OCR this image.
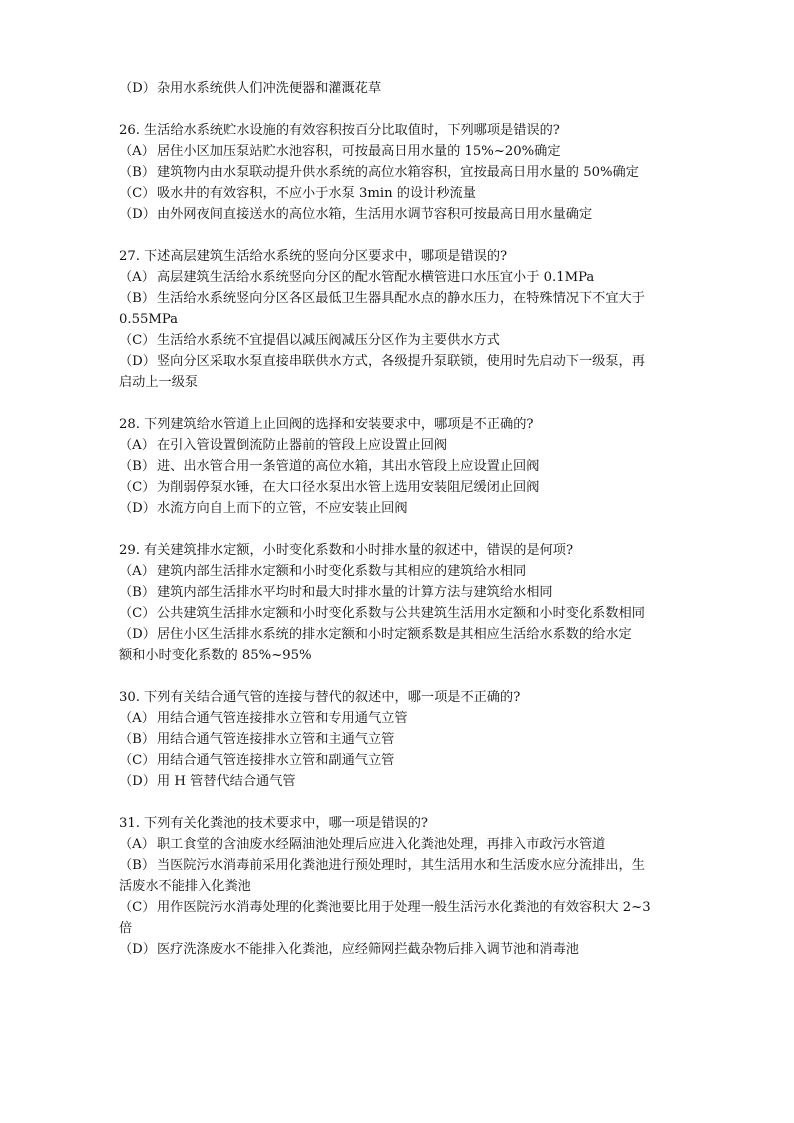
（D）杂用水系统供人们冲洗便器和灌溉花草
26. 生活给水系统贮水设施的有效容积按百分比取值时，下列哪项是错误的?
（A） 居住小区加压泵站贮水池容积，可按最高日用水量的 15%~20%确定
（B） 建筑物内由水泵联动提升供水系统的高位水箱容积，宜按最高日用水量的 50%确定
（C） 吸水井的有效容积，不应小于水泵 3min 的设计秒流量
（D）由外网夜间直接送水的高位水箱，生活用水调节容积可按最高日用水量确定
27. 下述高层建筑生活给水系统的竖向分区要求中，哪项是错误的?
（A） 高层建筑生活给水系统竖向分区的配水管配水横管进口水压宜小于 0.1MPa
（B） 生活给水系统竖向分区各区最低卫生器具配水点的静水压力，在特殊情况下不宜大于
0.55MPa
（C） 生活给水系统不宜提倡以减压阀减压分区作为主要供水方式
（D）竖向分区采取水泵直接串联供水方式，各级提升泵联锁，使用时先启动下一级泵，再
启动上一级泵
28. 下列建筑给水管道上止回阀的选择和安装要求中，哪项是不正确的?
（A） 在引入管设置倒流防止器前的管段上应设置止回阀
（B） 进、出水管合用一条管道的高位水箱，其出水管段上应设置止回阀
（C） 为削弱停泵水锤，在大口径水泵出水管上选用安装阻尼缓闭止回阀
（D）水流方向自上而下的立管，不应安装止回阀
29. 有关建筑排水定额，小时变化系数和小时排水量的叙述中，错误的是何项?
（A） 建筑内部生活排水定额和小时变化系数与其相应的建筑给水相同
（B） 建筑内部生活排水平均时和最大时排水量的计算方法与建筑给水相同
（C） 公共建筑生活排水定额和小时变化系数与公共建筑生活用水定额和小时变化系数相同
（D）居住小区生活排水系统的排水定额和小时定额系数是其相应生活给水系数的给水定
额和小时变化系数的 85%~95%
30. 下列有关结合通气管的连接与替代的叙述中，哪一项是不正确的?
（A） 用结合通气管连接排水立管和专用通气立管
（B） 用结合通气管连接排水立管和主通气立管
（C） 用结合通气管连接排水立管和副通气立管
（D）用 H 管替代结合通气管
31. 下列有关化粪池的技术要求中，哪一项是错误的?
（A） 职工食堂的含油废水经隔油池处理后应进入化粪池处理，再排入市政污水管道
（B） 当医院污水消毒前采用化粪池进行预处理时，其生活用水和生活废水应分流排出，生
活废水不能排入化粪池
（C） 用作医院污水消毒处理的化粪池要比用于处理一般生活污水化粪池的有效容积大 2~3
倍
（D）医疗洗涤废水不能排入化粪池，应经筛网拦截杂物后排入调节池和消毒池
